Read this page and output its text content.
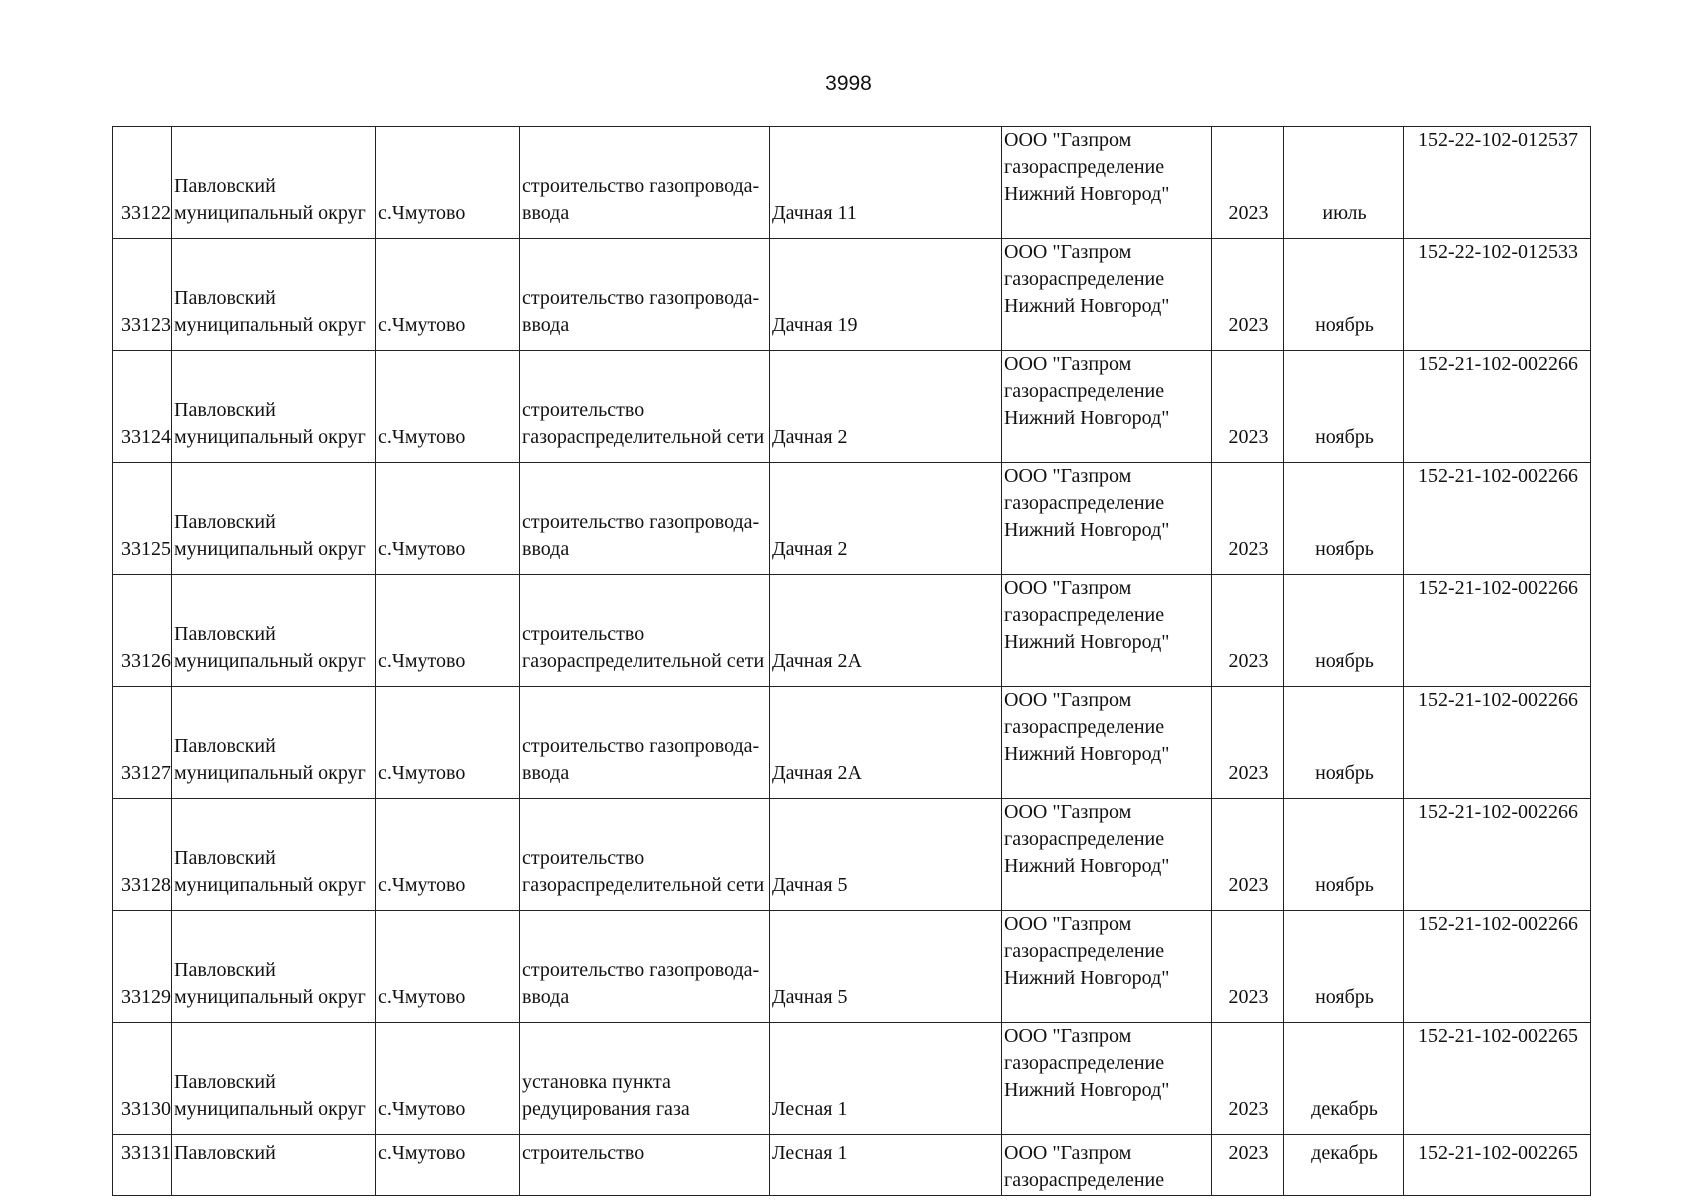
3998
33122	Павловский
муниципальный округ	с.Чмутово	строительство газопровода-
ввода	Дачная 11	ООО "Газпром
газораспределение
Нижний Новгород"	2023	июль	152-22-102-012537
33123	Павловский
муниципальный округ	с.Чмутово	строительство газопровода-
ввода	Дачная 19	ООО "Газпром
газораспределение
Нижний Новгород"	2023	ноябрь	152-22-102-012533
33124	Павловский
муниципальный округ	с.Чмутово	строительство
газораспределительной сети	Дачная 2	ООО "Газпром
газораспределение
Нижний Новгород"	2023	ноябрь	152-21-102-002266
33125	Павловский
муниципальный округ	с.Чмутово	строительство газопровода-
ввода	Дачная 2	ООО "Газпром
газораспределение
Нижний Новгород"	2023	ноябрь	152-21-102-002266
33126	Павловский
муниципальный округ	с.Чмутово	строительство
газораспределительной сети	Дачная 2А	ООО "Газпром
газораспределение
Нижний Новгород"	2023	ноябрь	152-21-102-002266
33127	Павловский
муниципальный округ	с.Чмутово	строительство газопровода-
ввода	Дачная 2А	ООО "Газпром
газораспределение
Нижний Новгород"	2023	ноябрь	152-21-102-002266
33128	Павловский
муниципальный округ	с.Чмутово	строительство
газораспределительной сети	Дачная 5	ООО "Газпром
газораспределение
Нижний Новгород"	2023	ноябрь	152-21-102-002266
33129	Павловский
муниципальный округ	с.Чмутово	строительство газопровода-
ввода	Дачная 5	ООО "Газпром
газораспределение
Нижний Новгород"	2023	ноябрь	152-21-102-002266
33130	Павловский
муниципальный округ	с.Чмутово	установка пункта
редуцирования газа	Лесная 1	ООО "Газпром
газораспределение
Нижний Новгород"	2023	декабрь	152-21-102-002265
33131	Павловский	с.Чмутово	строительство	Лесная 1	ООО "Газпром
газораспределение	2023	декабрь	152-21-102-002265
